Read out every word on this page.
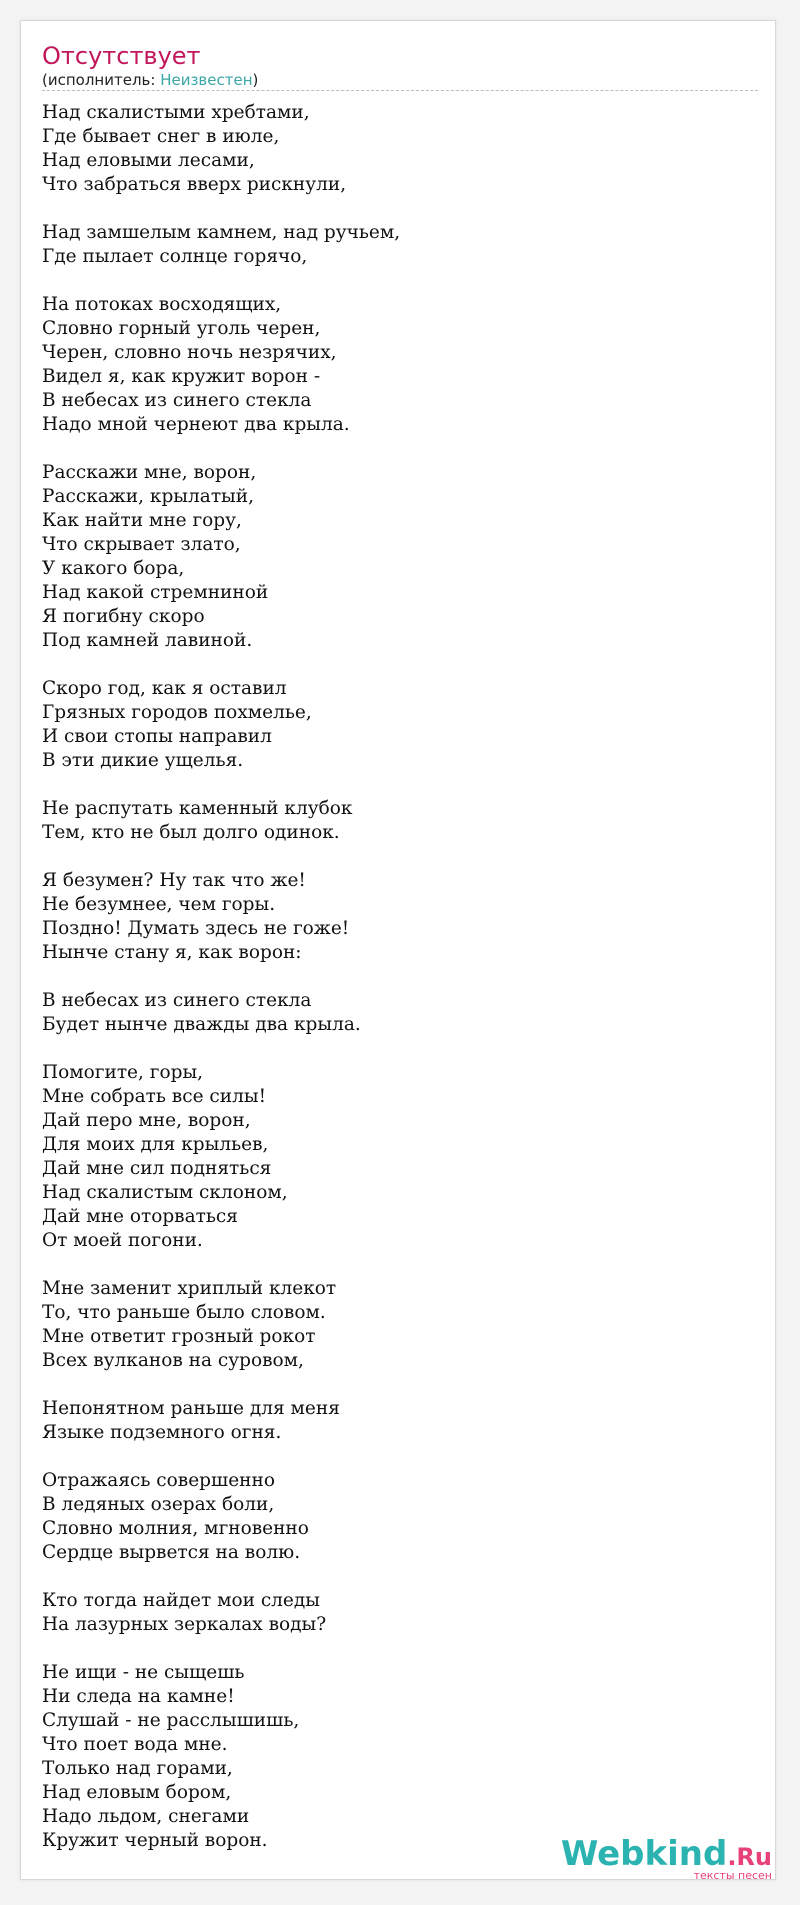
Отсутствует
(исполнитель: Неизвестен)
Над скалистыми хребтами,
Где бывает снег в июле,
Над еловыми лесами,
Что забраться вверх рискнули,
Над замшелым камнем, над ручьем,
Где пылает солнце горячо,
На потоках восходящих,
Словно горный уголь черен,
Черен, словно ночь незрячих,
Видел я, как кружит ворон -
В небесах из синего стекла
Надо мной чернеют два крыла.
Расскажи мне, ворон,
Расскажи, крылатый,
Как найти мне гору,
Что скрывает злато,
У какого бора,
Над какой стремниной
Я погибну скоро
Под камней лавиной.
Скоро год, как я оставил
Грязных городов похмелье,
И свои стопы направил
В эти дикие ущелья.
Не распутать каменный клубок
Тем, кто не был долго одинок.
Я безумен? Ну так что же!
Не безумнее, чем горы.
Поздно! Думать здесь не гоже!
Нынче стану я, как ворон:
В небесах из синего стекла
Будет нынче дважды два крыла.
Помогите, горы,
Мне собрать все силы!
Дай перо мне, ворон,
Для моих для крыльев,
Дай мне сил подняться
Над скалистым склоном,
Дай мне оторваться
От моей погони.
Мне заменит хриплый клекот
То, что раньше было словом.
Мне ответит грозный рокот
Всех вулканов на суровом,
Непонятном раньше для меня
Языке подземного огня.
Отражаясь совершенно
В ледяных озерах боли,
Словно молния, мгновенно
Сердце вырвется на волю.
Кто тогда найдет мои следы
На лазурных зеркалах воды?
Не ищи - не сыщешь
Ни следа на камне!
Слушай - не расслышишь,
Что поет вода мне.
Только над горами,
Над еловым бором,
Надо льдом, снегами
Кружит черный ворон.	Webkind.Ru
тексты песен
